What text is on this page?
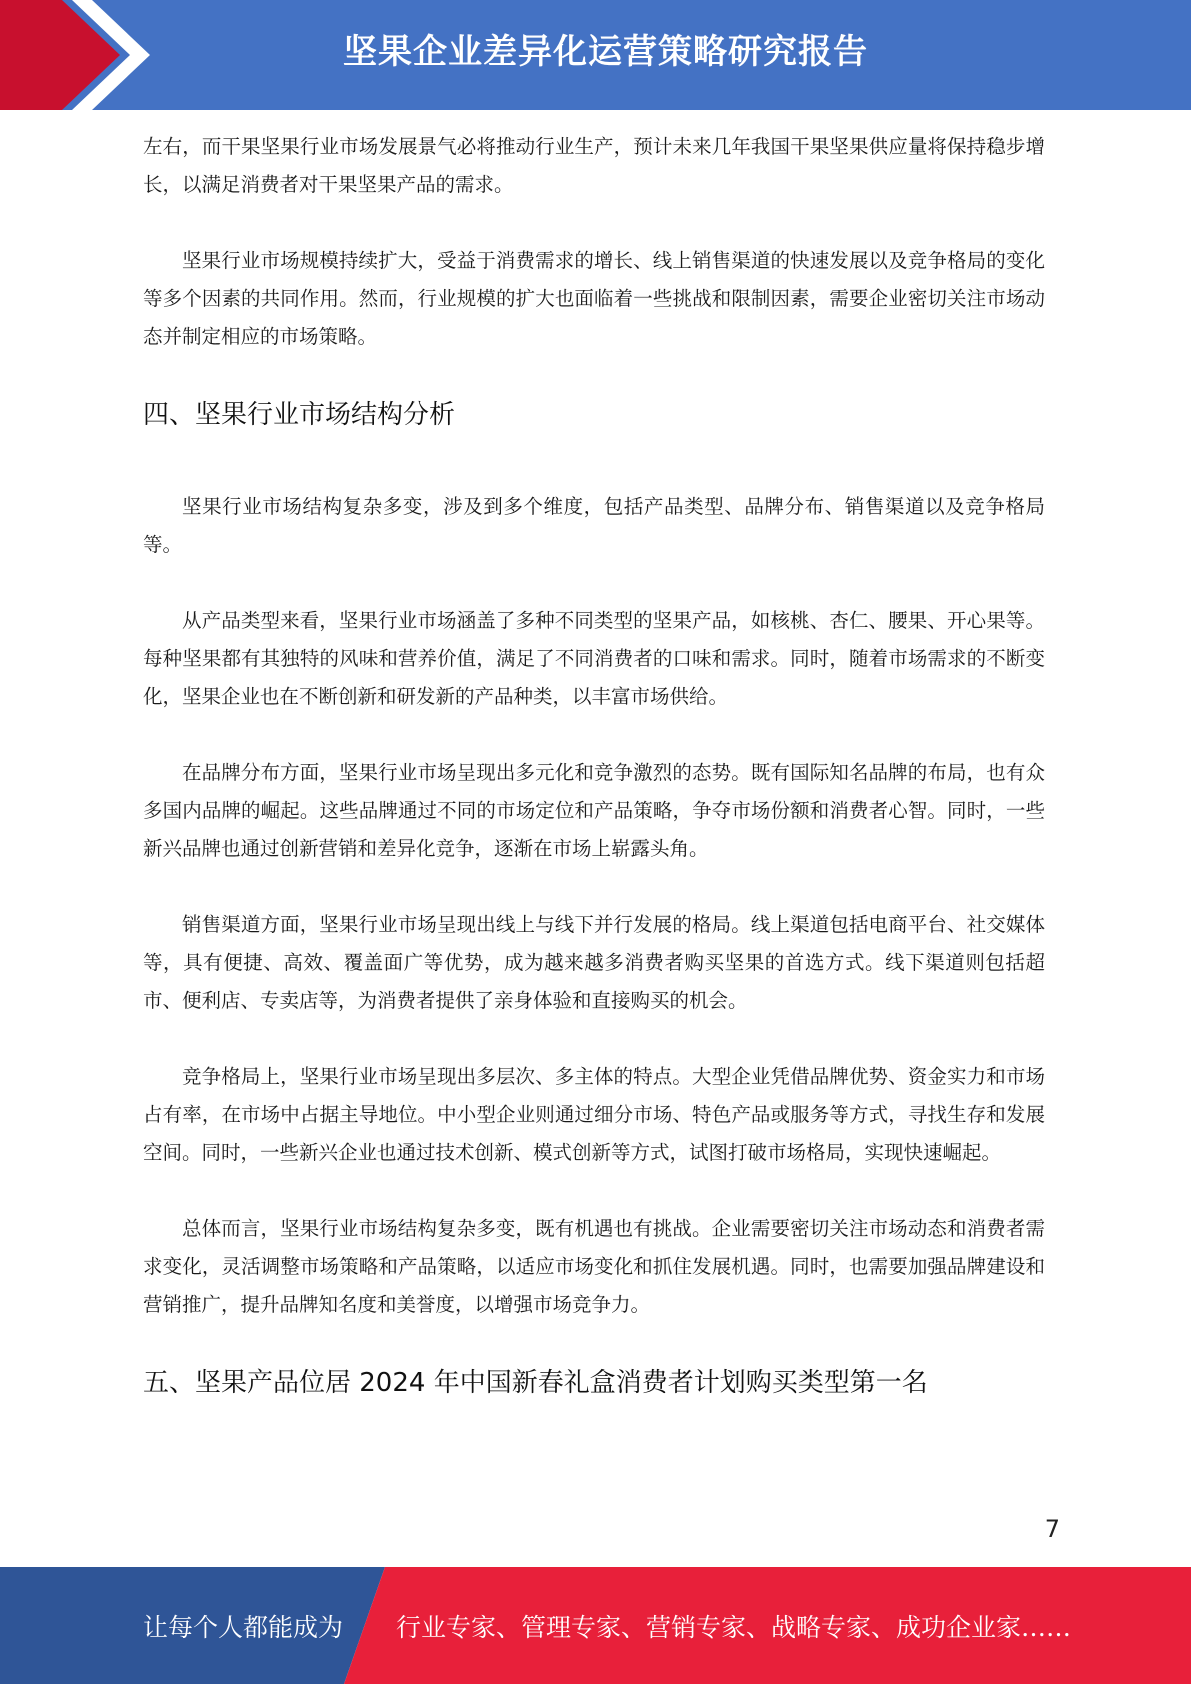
坚果企业差异化运营策略研究报告

左右，而干果坚果行业市场发展景气必将推动行业生产，预计未来几年我国干果坚果供应量将保持稳步增长，以满足消费者对干果坚果产品的需求。

坚果行业市场规模持续扩大，受益于消费需求的增长、线上销售渠道的快速发展以及竞争格局的变化等多个因素的共同作用。然而，行业规模的扩大也面临着一些挑战和限制因素，需要企业密切关注市场动态并制定相应的市场策略。

四、坚果行业市场结构分析

坚果行业市场结构复杂多变，涉及到多个维度，包括产品类型、品牌分布、销售渠道以及竞争格局等。

从产品类型来看，坚果行业市场涵盖了多种不同类型的坚果产品，如核桃、杏仁、腰果、开心果等。每种坚果都有其独特的风味和营养价值，满足了不同消费者的口味和需求。同时，随着市场需求的不断变化，坚果企业也在不断创新和研发新的产品种类，以丰富市场供给。

在品牌分布方面，坚果行业市场呈现出多元化和竞争激烈的态势。既有国际知名品牌的布局，也有众多国内品牌的崛起。这些品牌通过不同的市场定位和产品策略，争夺市场份额和消费者心智。同时，一些新兴品牌也通过创新营销和差异化竞争，逐渐在市场上崭露头角。

销售渠道方面，坚果行业市场呈现出线上与线下并行发展的格局。线上渠道包括电商平台、社交媒体等，具有便捷、高效、覆盖面广等优势，成为越来越多消费者购买坚果的首选方式。线下渠道则包括超市、便利店、专卖店等，为消费者提供了亲身体验和直接购买的机会。

竞争格局上，坚果行业市场呈现出多层次、多主体的特点。大型企业凭借品牌优势、资金实力和市场占有率，在市场中占据主导地位。中小型企业则通过细分市场、特色产品或服务等方式，寻找生存和发展空间。同时，一些新兴企业也通过技术创新、模式创新等方式，试图打破市场格局，实现快速崛起。

总体而言，坚果行业市场结构复杂多变，既有机遇也有挑战。企业需要密切关注市场动态和消费者需求变化，灵活调整市场策略和产品策略，以适应市场变化和抓住发展机遇。同时，也需要加强品牌建设和营销推广，提升品牌知名度和美誉度，以增强市场竞争力。

五、坚果产品位居 2024 年中国新春礼盒消费者计划购买类型第一名
7
让每个人都能成为 行业专家、管理专家、营销专家、战略专家、成功企业家……
